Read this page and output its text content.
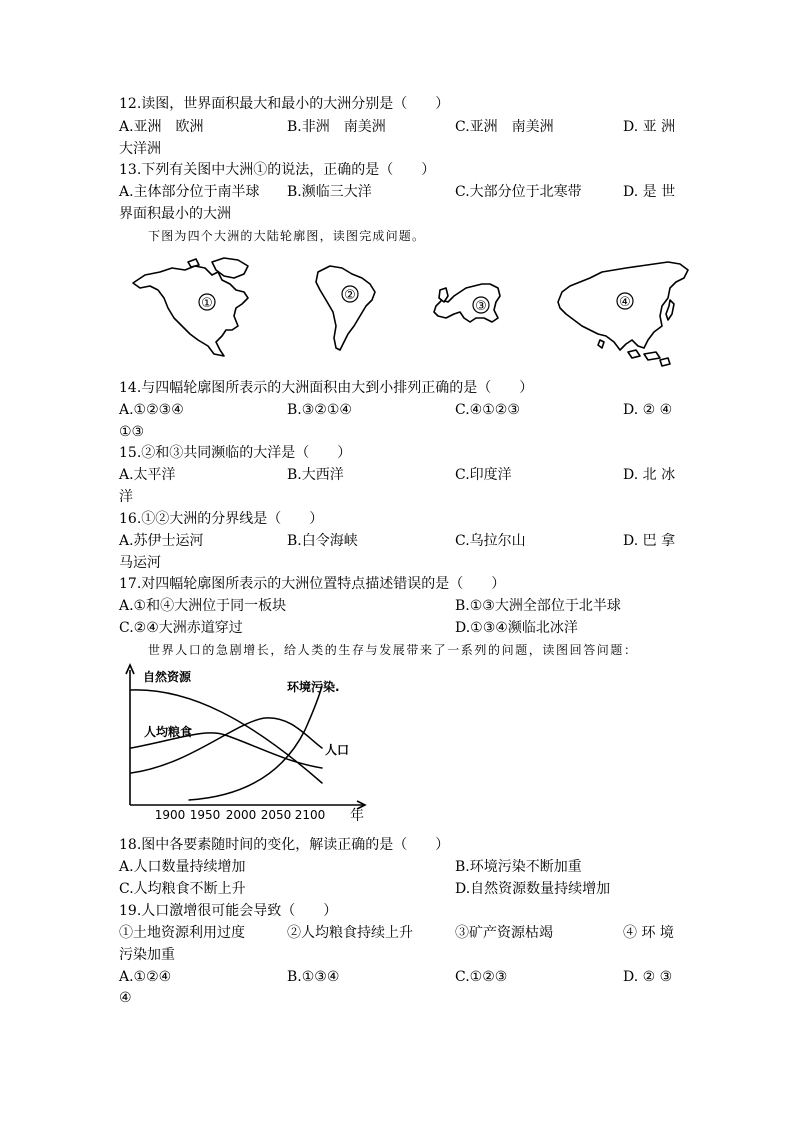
12.读图，世界面积最大和最小的大洲分别是（　　）
A.亚洲　欧洲	B.非洲　南美洲	C.亚洲　南美洲	D. 亚 洲
大洋洲
13.下列有关图中大洲①的说法，正确的是（　　）
A.主体部分位于南半球 B.濒临三大洋	C.大部分位于北寒带	D. 是 世
界面积最小的大洲
下图为四个大洲的大陆轮廓图，读图完成问题。
①
②
③	④
14.与四幅轮廓图所表示的大洲面积由大到小排列正确的是（　　）
A.①②③④	B.③②①④	C.④①②③	D. ② ④
①③
15.②和③共同濒临的大洋是（　　）
A.太平洋	B.大西洋	C.印度洋	D. 北 冰
洋
16.①②大洲的分界线是（　　）
A.苏伊士运河	B.白令海峡	C.乌拉尔山	D. 巴 拿
马运河
17.对四幅轮廓图所表示的大洲位置特点描述错误的是（　　）
A.①和④大洲位于同一板块	B.①③大洲全部位于北半球
C.②④大洲赤道穿过	D.①③④濒临北冰洋
世界人口的急剧增长，给人类的生存与发展带来了一系列的问题，读图回答问题：
自然资源
环境污染.
人均粮食
人口
1900 1950 2000 2050 2100 年
18.图中各要素随时间的变化，解读正确的是（　　）
A.人口数量持续增加	B.环境污染不断加重
C.人均粮食不断上升	D.自然资源数量持续增加
19.人口激增很可能会导致（　　）
①土地资源利用过度	②人均粮食持续上升	③矿产资源枯竭	④ 环 境
污染加重
A.①②④	B.①③④	C.①②③	D. ② ③
④
